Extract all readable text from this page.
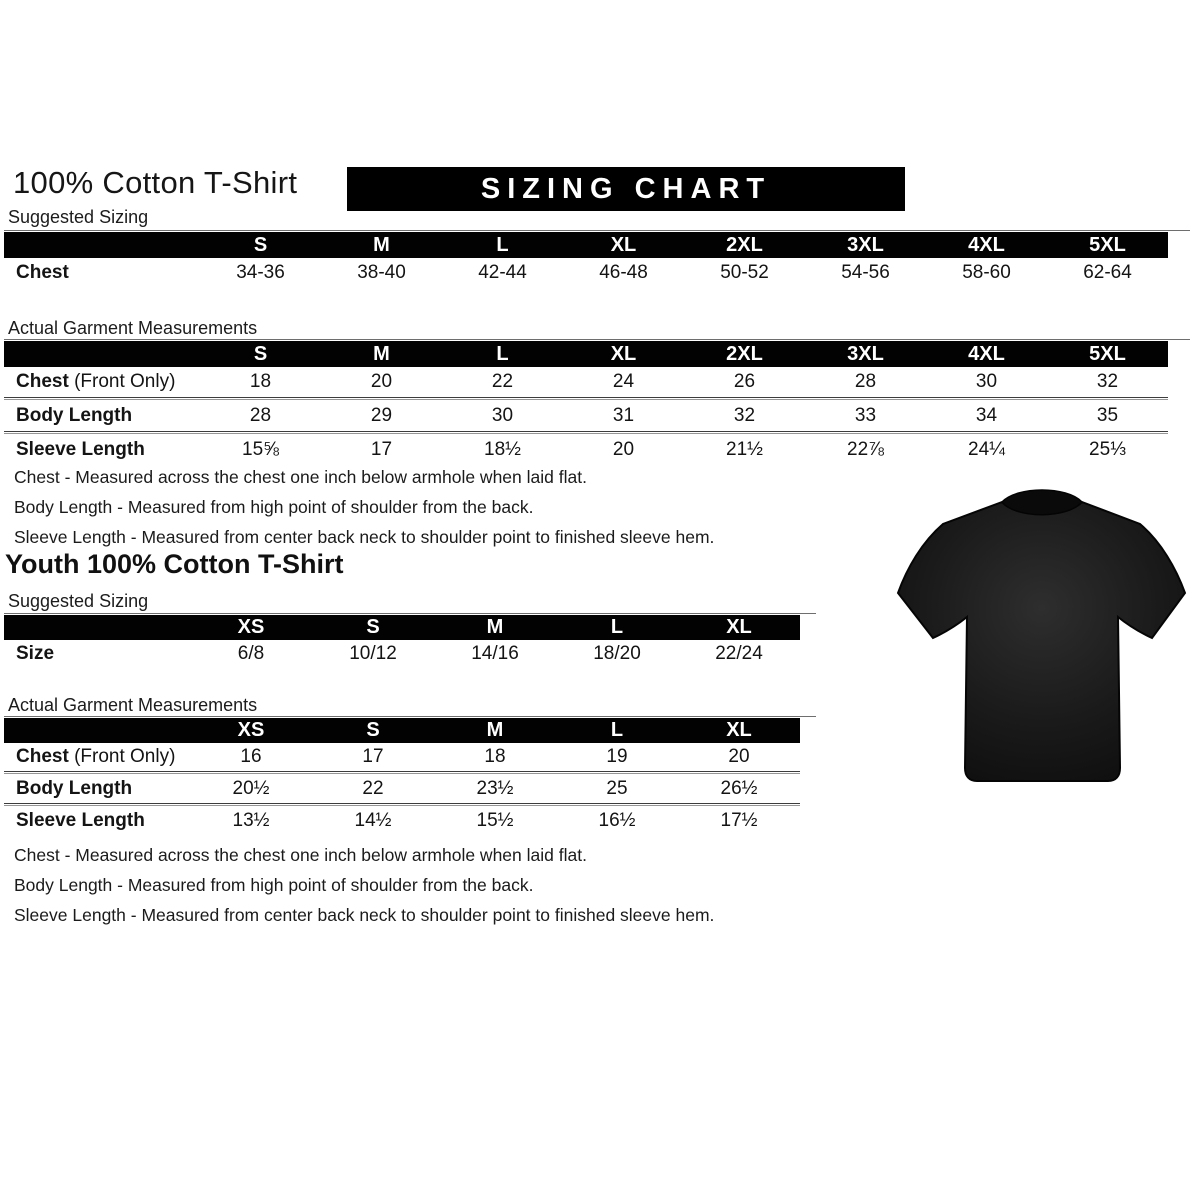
100% Cotton T-Shirt	SIZING CHART
Suggested Sizing
S	M	L	XL	2XL	3XL	4XL	5XL
Chest	34-36	38-40	42-44	46-48	50-52	54-56	58-60	62-64
Actual Garment Measurements
S	M	L	XL	2XL	3XL	4XL	5XL
Chest (Front Only)	18	20	22	24	26	28	30	32
Body Length	28	29	30	31	32	33	34	35
Sleeve Length	15⅝	17	18½	20	21½	22⅞	24¼	25⅓
Chest - Measured across the chest one inch below armhole when laid flat.
Body Length - Measured from high point of shoulder from the back.
Sleeve Length - Measured from center back neck to shoulder point to finished sleeve hem.
Youth 100% Cotton T-Shirt
Suggested Sizing
XS	S	M	L	XL
Size	6/8	10/12	14/16	18/20	22/24
Actual Garment Measurements
XS	S	M	L	XL
Chest (Front Only)	16	17	18	19	20
Body Length	20½	22	23½	25	26½
Sleeve Length	13½	14½	15½	16½	17½
Chest - Measured across the chest one inch below armhole when laid flat.
Body Length - Measured from high point of shoulder from the back.
Sleeve Length - Measured from center back neck to shoulder point to finished sleeve hem.
